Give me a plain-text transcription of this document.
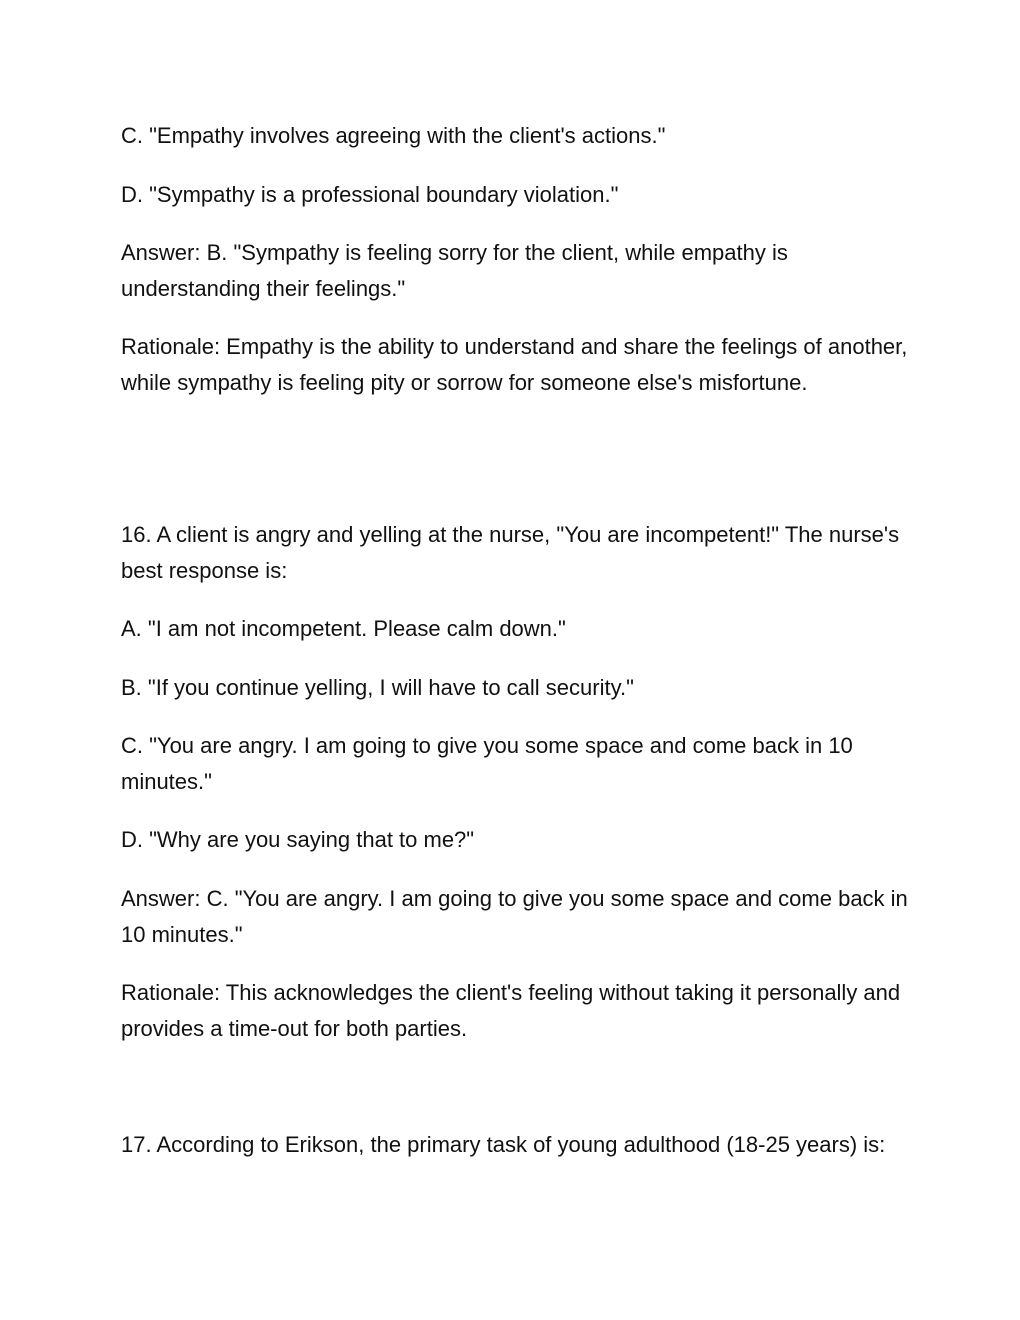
C. "Empathy involves agreeing with the client's actions."

D. "Sympathy is a professional boundary violation."

Answer: B. "Sympathy is feeling sorry for the client, while empathy is understanding their feelings."

Rationale: Empathy is the ability to understand and share the feelings of another, while sympathy is feeling pity or sorrow for someone else's misfortune.

16. A client is angry and yelling at the nurse, "You are incompetent!" The nurse's best response is:

A. "I am not incompetent. Please calm down."

B. "If you continue yelling, I will have to call security."

C. "You are angry. I am going to give you some space and come back in 10 minutes."

D. "Why are you saying that to me?"

Answer: C. "You are angry. I am going to give you some space and come back in 10 minutes."

Rationale: This acknowledges the client's feeling without taking it personally and provides a time-out for both parties.

17. According to Erikson, the primary task of young adulthood (18-25 years) is:
